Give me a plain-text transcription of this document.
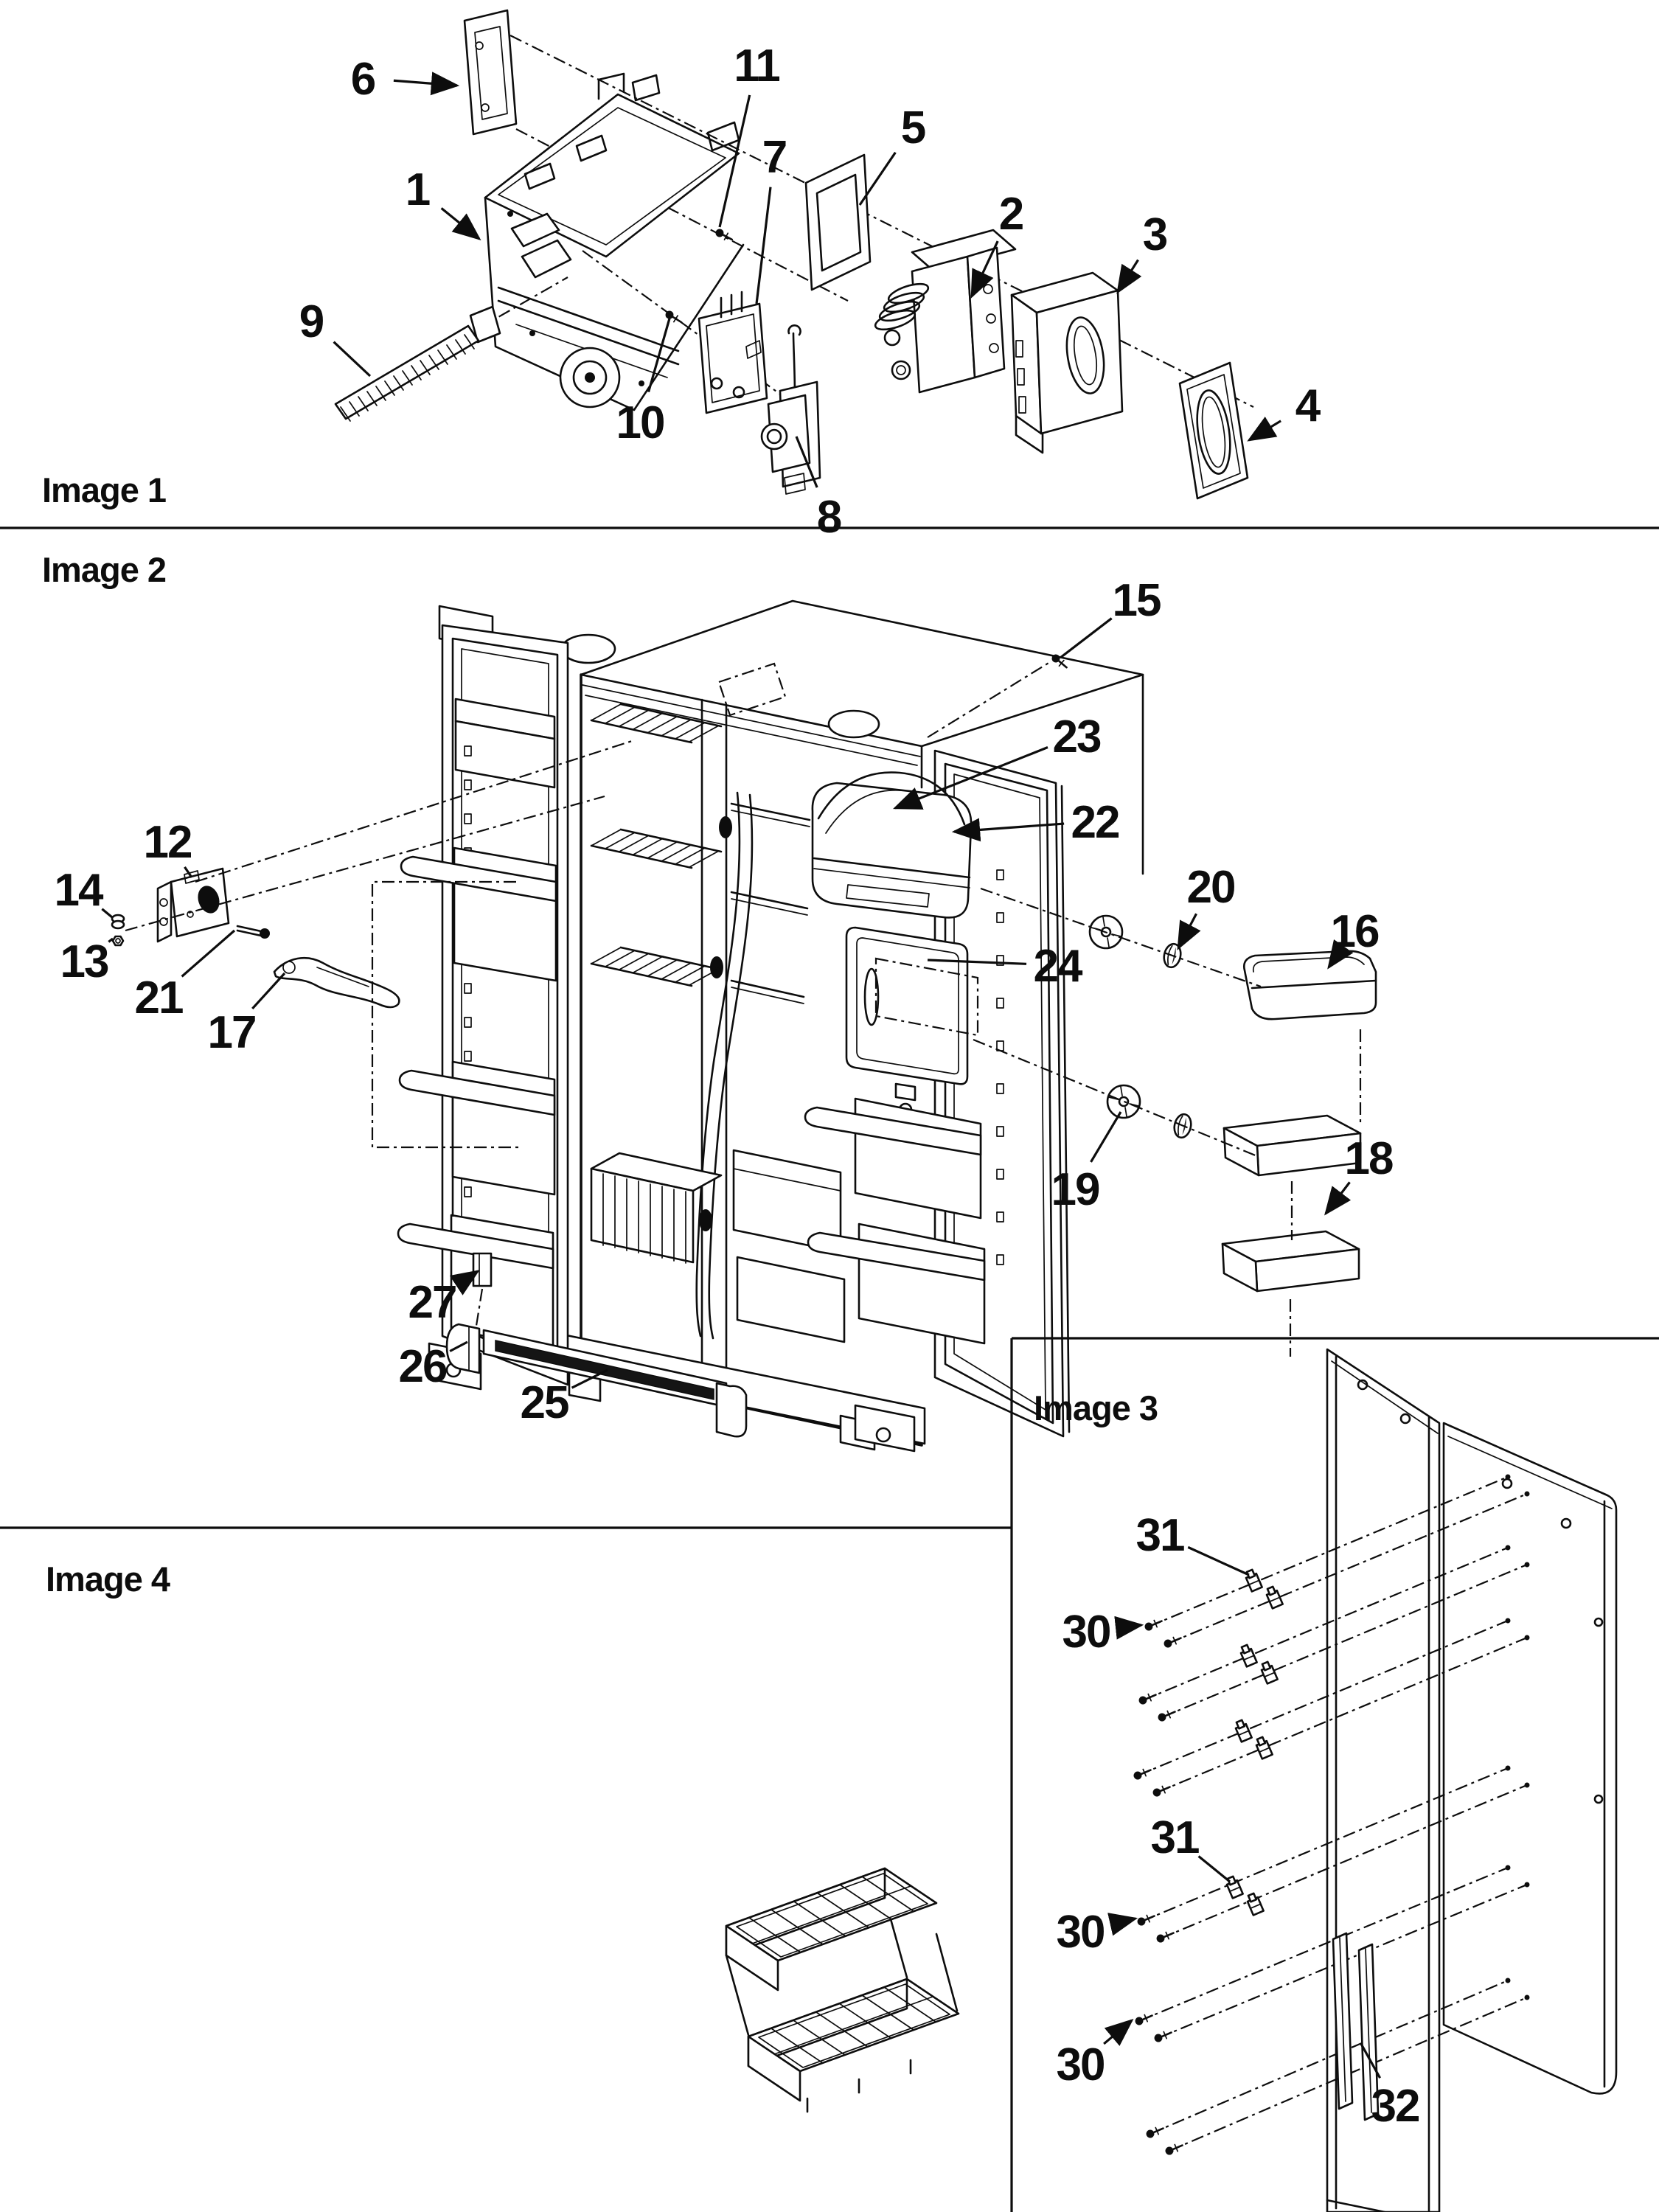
6
1
11
7
5
2	3
4
9
10
8
Image 1
15
23
22
20
24
16
19
18
12
14
13
21
17
27
26
25
Image 2
31
30
31
30
30
32
Image 3
Image 4
